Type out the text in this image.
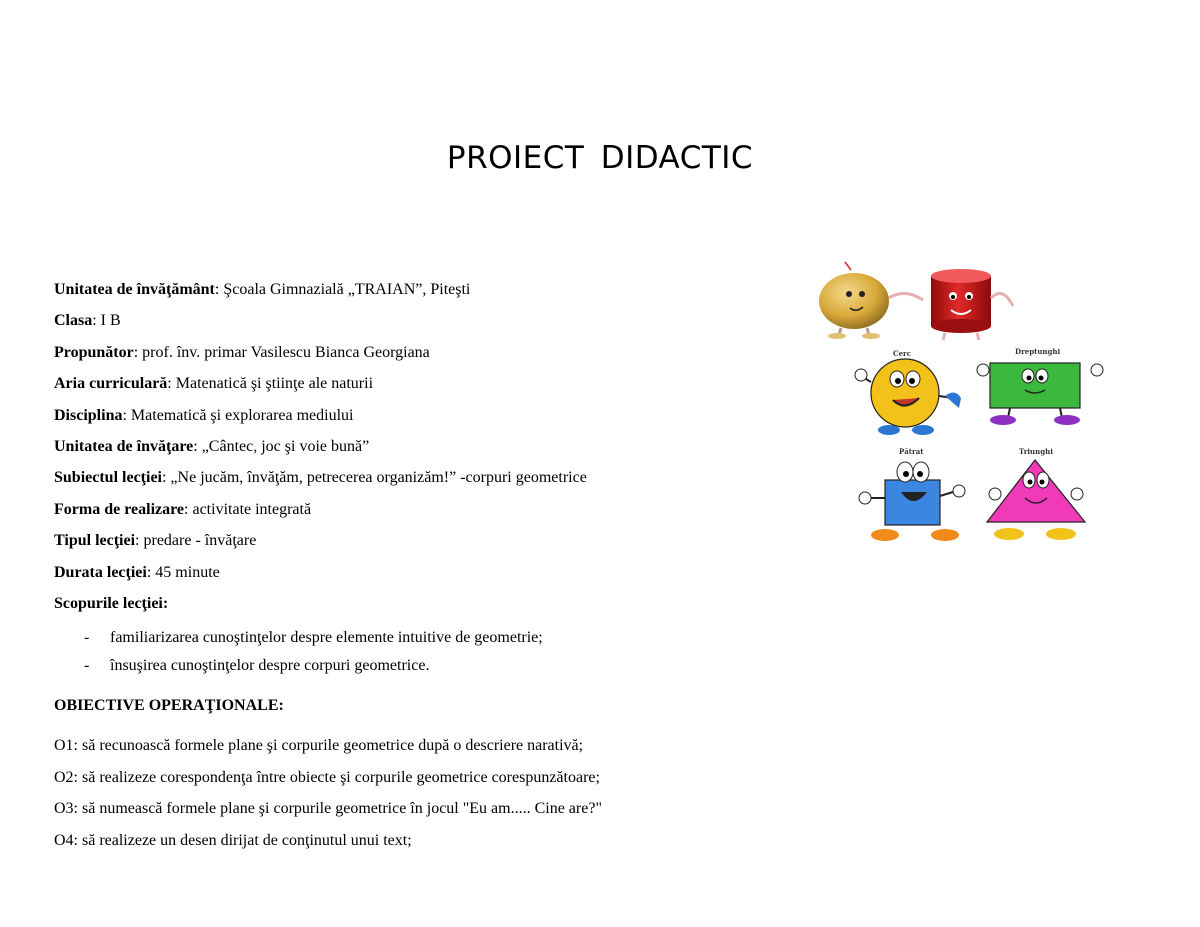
PROIECT DIDACTIC
Unitatea de învăţământ: Şcoala Gimnazială „TRAIAN”, Piteşti
Clasa: I B
Propunător: prof. înv. primar Vasilescu Bianca Georgiana
Aria curriculară: Matenatică şi ştiinţe ale naturii
Disciplina: Matematică şi explorarea mediului
Unitatea de învăţare: „Cântec, joc şi voie bună”
Subiectul lecţiei: „Ne jucăm, învăţăm, petrecerea organizăm!” -corpuri geometrice
Forma de realizare: activitate integrată
Tipul lecţiei: predare - învăţare
Durata lecţiei: 45 minute
Scopurile lecţiei:
- familiarizarea cunoştinţelor despre elemente intuitive de geometrie;
- însuşirea cunoştinţelor despre corpuri geometrice.

OBIECTIVE OPERAŢIONALE:

O1: să recunoască formele plane şi corpurile geometrice după o descriere narativă;
O2: să realizeze corespondenţa între obiecte şi corpurile geometrice corespunzătoare;
O3: să numească formele plane şi corpurile geometrice în jocul "Eu am..... Cine are?"
O4: să realizeze un desen dirijat de conţinutul unui text;
Cerc	Dreptunghi
Pătrat	Triunghi
